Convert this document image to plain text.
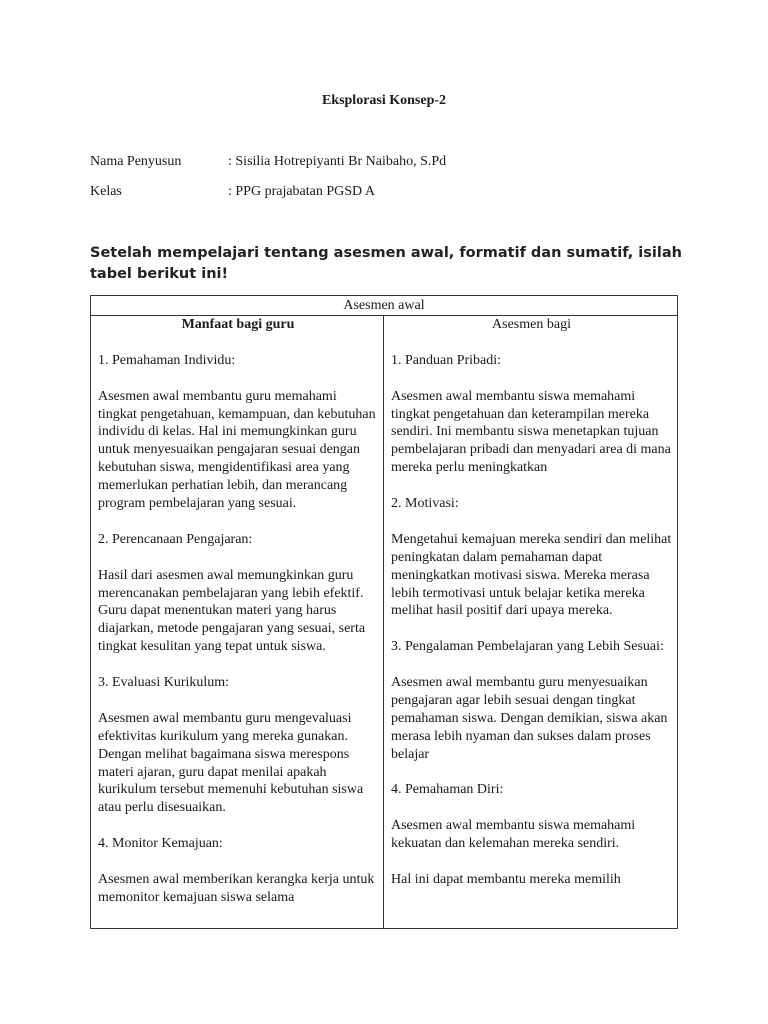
Eksplorasi Konsep-2
Nama Penyusun	: Sisilia Hotrepiyanti Br Naibaho, S.Pd
Kelas	: PPG prajabatan PGSD A
Setelah mempelajari tentang asesmen awal, formatif dan sumatif, isilah tabel berikut ini!
Asesmen awal
Manfaat bagi guru
1. Pemahaman Individu:
Asesmen awal membantu guru memahami tingkat pengetahuan, kemampuan, dan kebutuhan individu di kelas. Hal ini memungkinkan guru untuk menyesuaikan pengajaran sesuai dengan kebutuhan siswa, mengidentifikasi area yang memerlukan perhatian lebih, dan merancang program pembelajaran yang sesuai.
2. Perencanaan Pengajaran:
Hasil dari asesmen awal memungkinkan guru merencanakan pembelajaran yang lebih efektif. Guru dapat menentukan materi yang harus diajarkan, metode pengajaran yang sesuai, serta tingkat kesulitan yang tepat untuk siswa.
3. Evaluasi Kurikulum:
Asesmen awal membantu guru mengevaluasi efektivitas kurikulum yang mereka gunakan. Dengan melihat bagaimana siswa merespons materi ajaran, guru dapat menilai apakah kurikulum tersebut memenuhi kebutuhan siswa atau perlu disesuaikan.
4. Monitor Kemajuan:
Asesmen awal memberikan kerangka kerja untuk memonitor kemajuan siswa selama
Asesmen bagi
1. Panduan Pribadi:
Asesmen awal membantu siswa memahami tingkat pengetahuan dan keterampilan mereka sendiri. Ini membantu siswa menetapkan tujuan pembelajaran pribadi dan menyadari area di mana mereka perlu meningkatkan
2. Motivasi:
Mengetahui kemajuan mereka sendiri dan melihat peningkatan dalam pemahaman dapat meningkatkan motivasi siswa. Mereka merasa lebih termotivasi untuk belajar ketika mereka melihat hasil positif dari upaya mereka.
3. Pengalaman Pembelajaran yang Lebih Sesuai:
Asesmen awal membantu guru menyesuaikan pengajaran agar lebih sesuai dengan tingkat pemahaman siswa. Dengan demikian, siswa akan merasa lebih nyaman dan sukses dalam proses belajar
4. Pemahaman Diri:
Asesmen awal membantu siswa memahami kekuatan dan kelemahan mereka sendiri.
Hal ini dapat membantu mereka memilih
